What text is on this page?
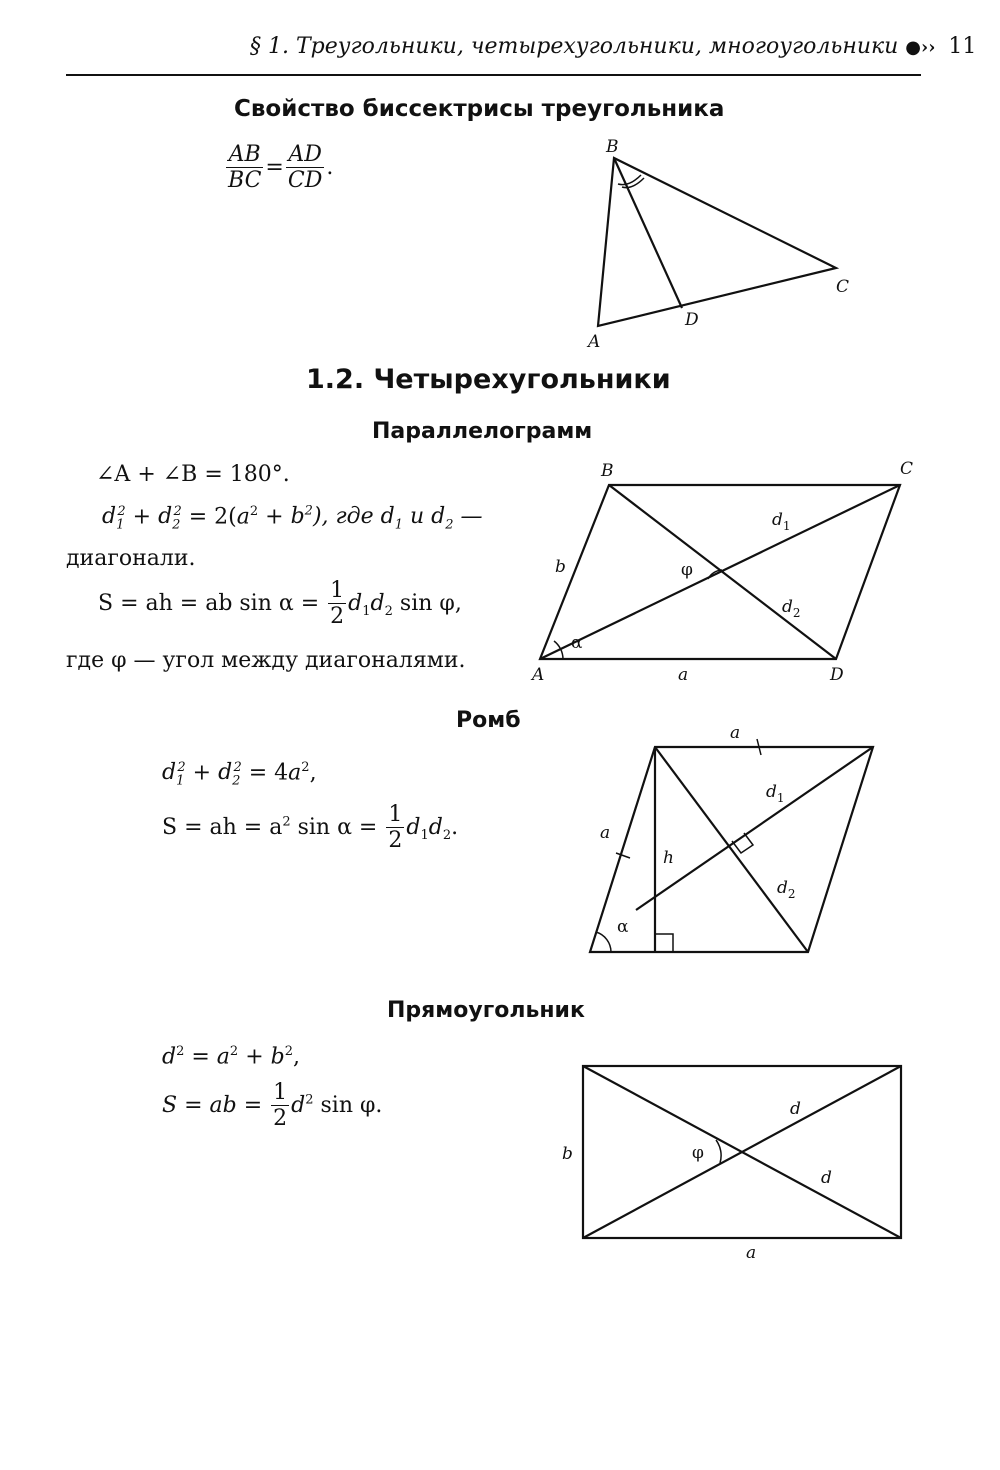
§ 1. Треугольники, четырехугольники, многоугольники ●›› 11
Свойство биссектрисы треугольника
$\frac{AB}{BC} = \frac{AD}{CD}$ .
B
A
C
D
B	C
A	D
a
b
$d_1$
$d_2$
φ
α
a
a
h
α
$d_1$
$d_2$
a
b
d
d
φ
1.2. Четырехугольники
Параллелограмм
∠A + ∠B = 180°.
$d_1^2 + d_2^2 = 2(a^2 + b^2)$, где $d_1$ и $d_2$ —
диагонали.
S = ah = ab $\sin \alpha = \frac{1}{2} d_1d_2$ sin φ,
где φ — угол между диагоналями.
Ромб
$d_1^2 + d_2^2 = 4a^2$,
S = ah = $a^2$ $\sin \alpha = \frac{1}{2} d_1d_2$.
Прямоугольник
$d^2 = a^2 + b^2$,
S = ab = $\frac{1}{2} d^2$ sin φ.
